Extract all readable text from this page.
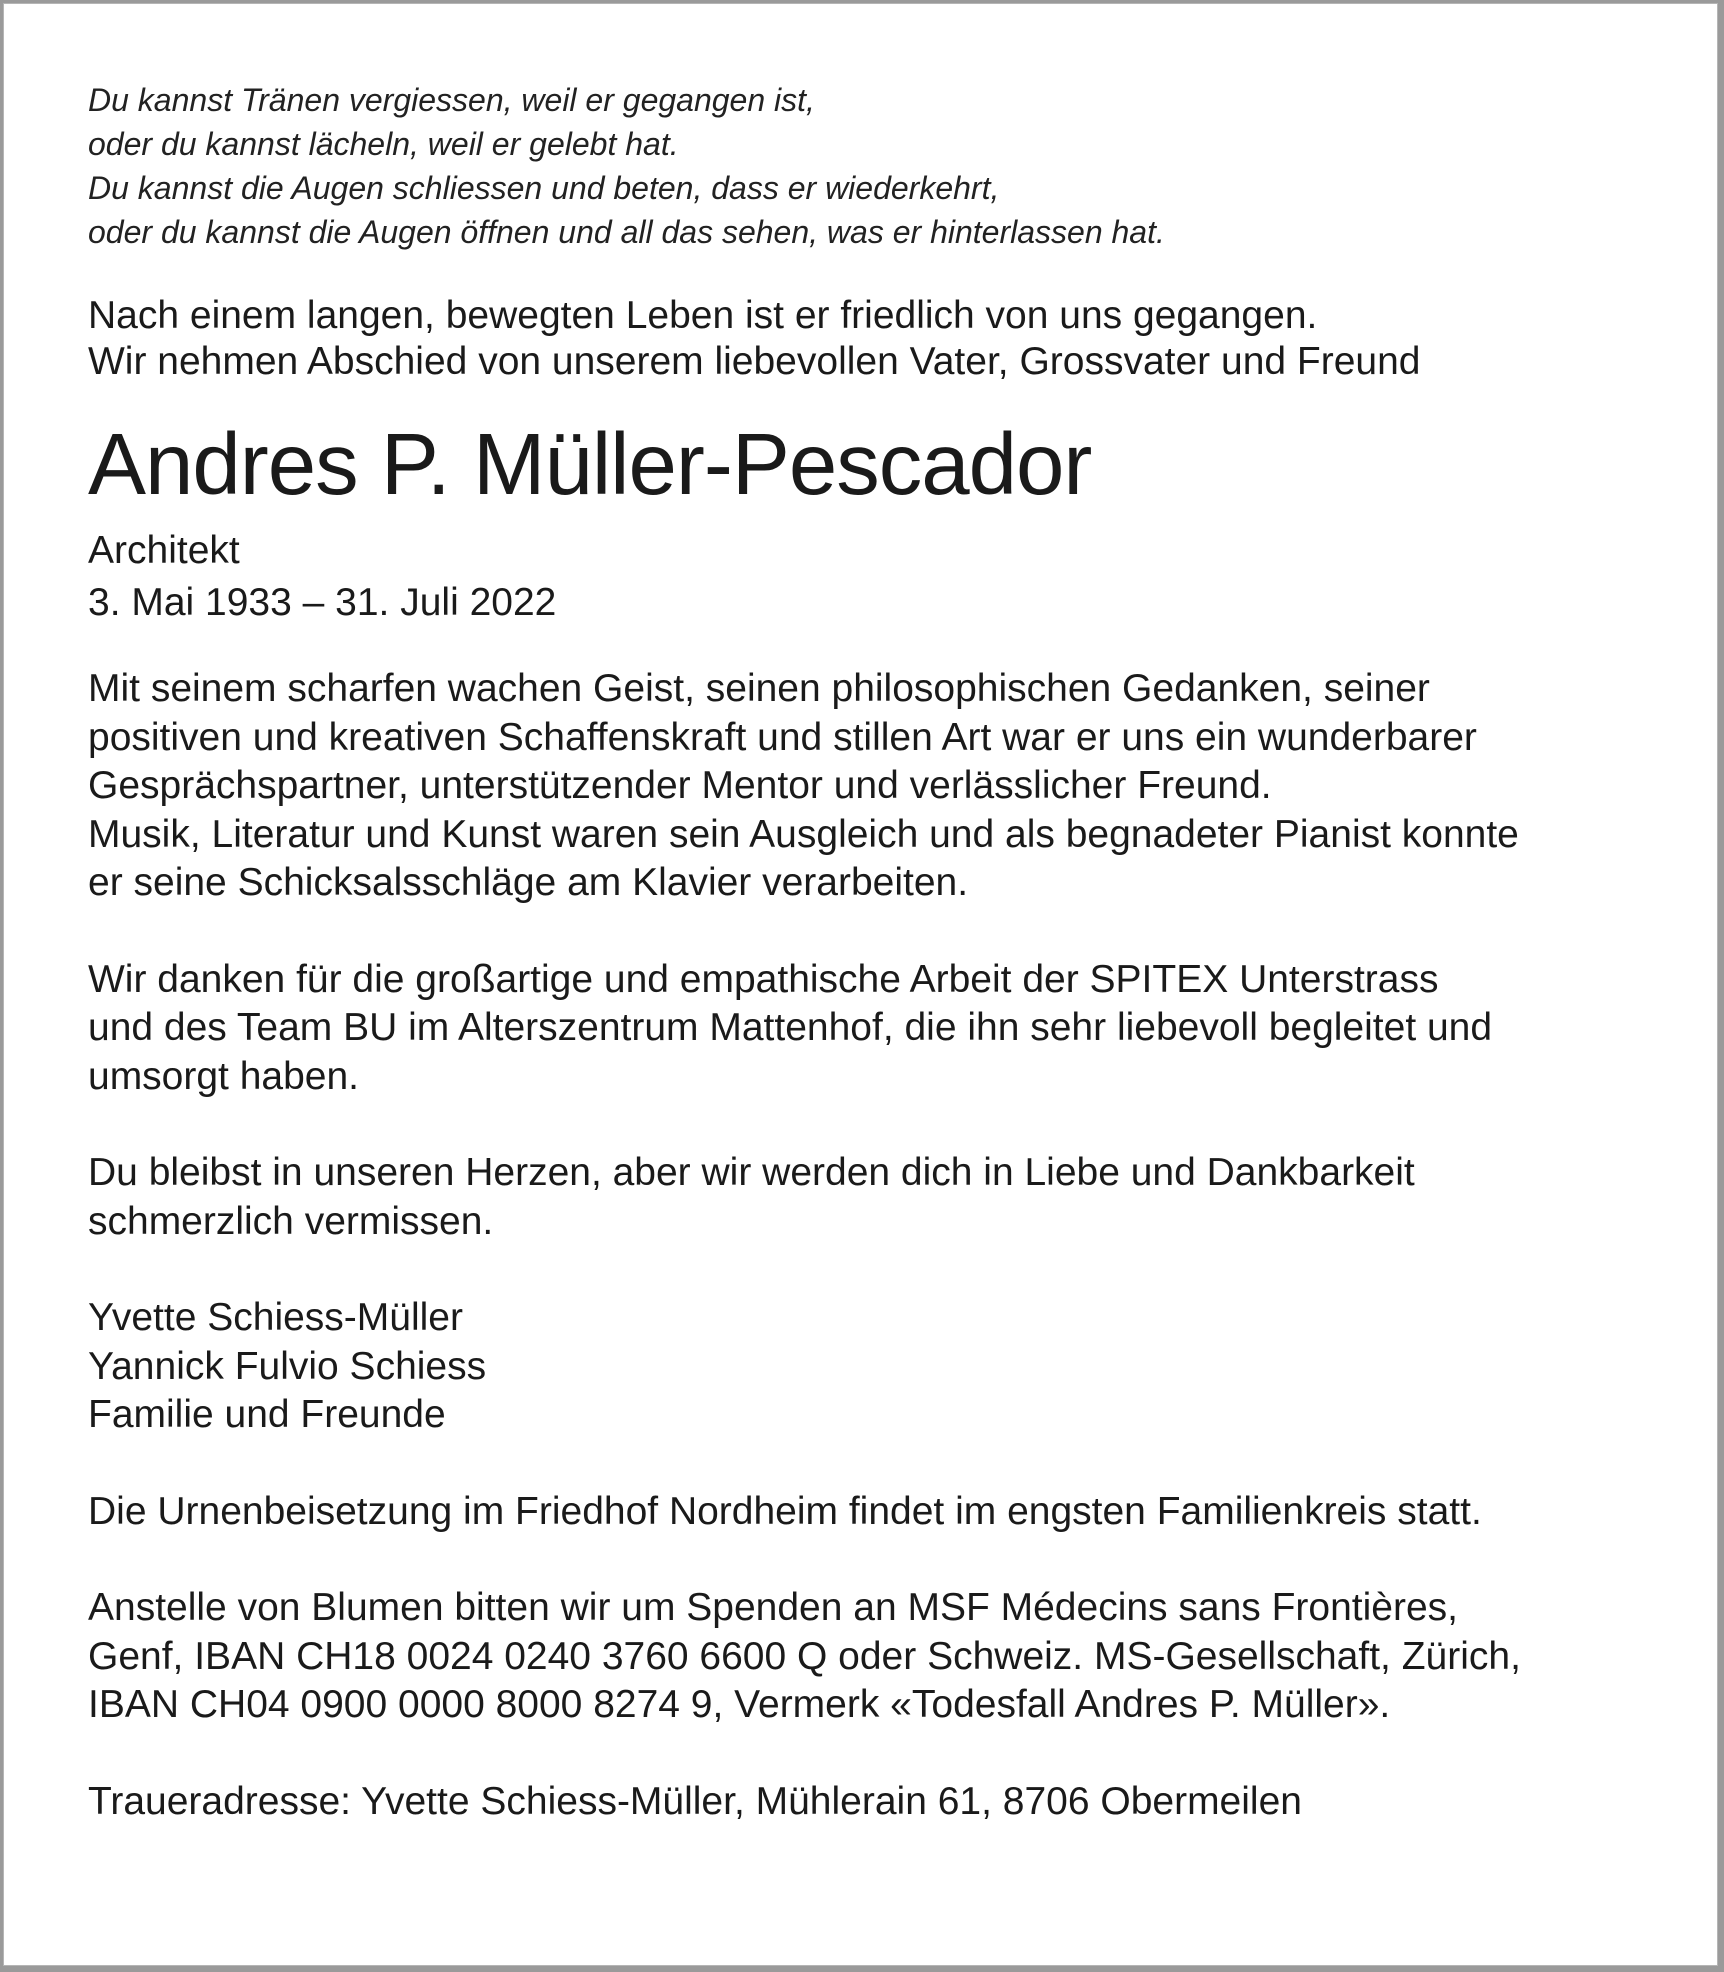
Du kannst Tränen vergiessen, weil er gegangen ist,
oder du kannst lächeln, weil er gelebt hat.
Du kannst die Augen schliessen und beten, dass er wiederkehrt,
oder du kannst die Augen öffnen und all das sehen, was er hinterlassen hat.
Nach einem langen, bewegten Leben ist er friedlich von uns gegangen.
Wir nehmen Abschied von unserem liebevollen Vater, Grossvater und Freund
Andres P. Müller-Pescador
Architekt
3. Mai 1933 – 31. Juli 2022
Mit seinem scharfen wachen Geist, seinen philosophischen Gedanken, seiner
positiven und kreativen Schaffenskraft und stillen Art war er uns ein wunderbarer
Gesprächspartner, unterstützender Mentor und verlässlicher Freund.
Musik, Literatur und Kunst waren sein Ausgleich und als begnadeter Pianist konnte
er seine Schicksalsschläge am Klavier verarbeiten.
Wir danken für die großartige und empathische Arbeit der SPITEX Unterstrass
und des Team BU im Alterszentrum Mattenhof, die ihn sehr liebevoll begleitet und
umsorgt haben.
Du bleibst in unseren Herzen, aber wir werden dich in Liebe und Dankbarkeit
schmerzlich vermissen.
Yvette Schiess-Müller
Yannick Fulvio Schiess
Familie und Freunde
Die Urnenbeisetzung im Friedhof Nordheim findet im engsten Familienkreis statt.
Anstelle von Blumen bitten wir um Spenden an MSF Médecins sans Frontières,
Genf, IBAN CH18 0024 0240 3760 6600 Q oder Schweiz. MS-Gesellschaft, Zürich,
IBAN CH04 0900 0000 8000 8274 9, Vermerk «Todesfall Andres P. Müller».
Traueradresse: Yvette Schiess-Müller, Mühlerain 61, 8706 Obermeilen
